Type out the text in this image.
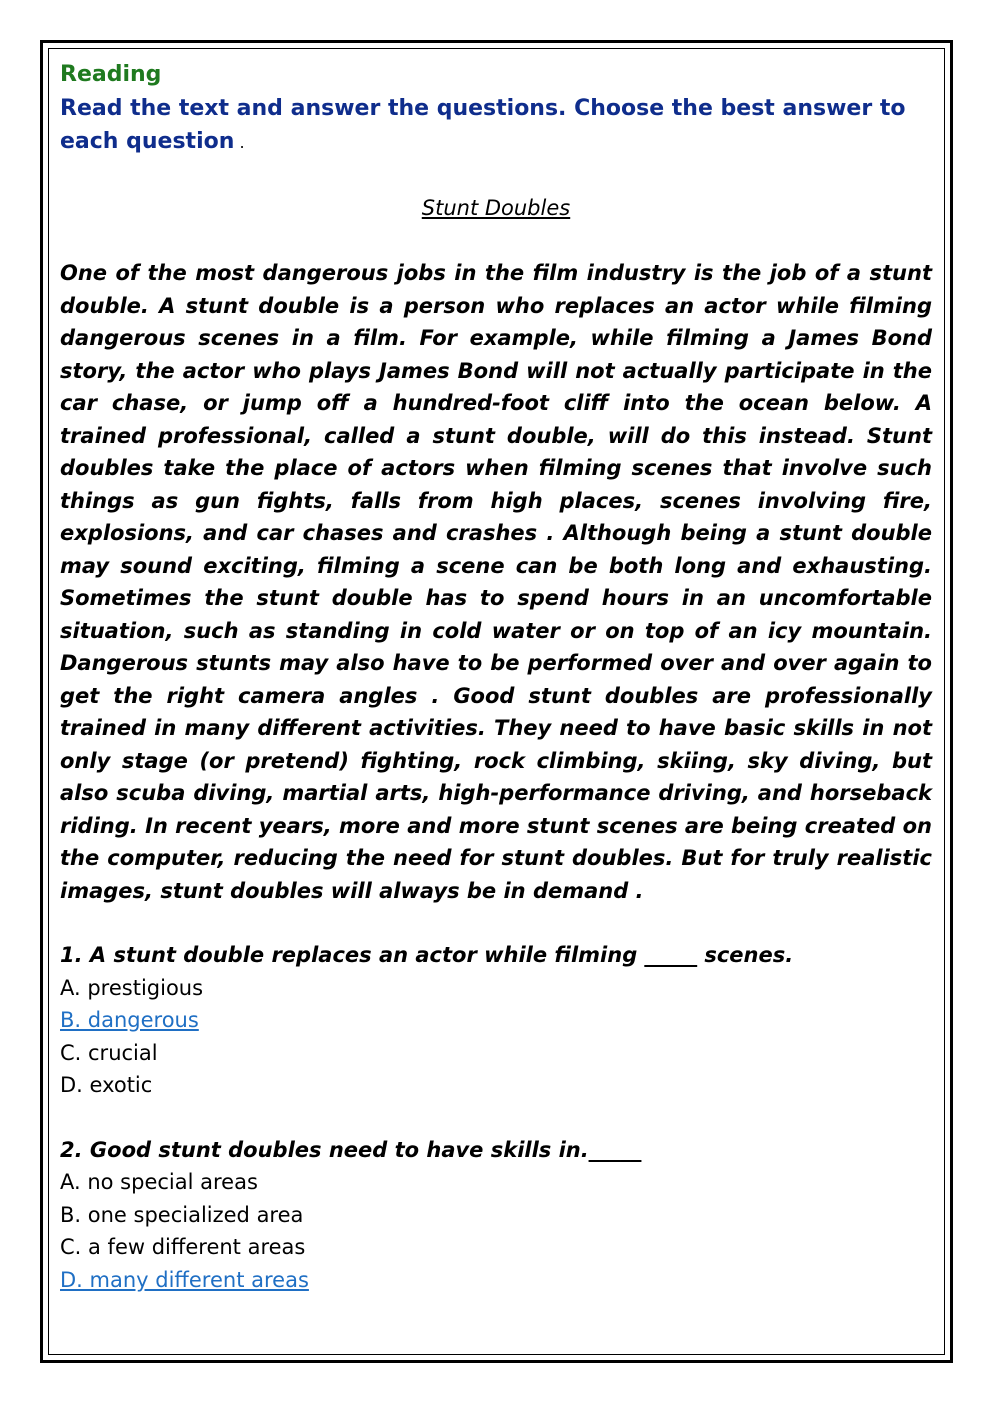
Reading

Read the text and answer the questions. Choose the best answer to each question .

Stunt Doubles

One of the most dangerous jobs in the film industry is the job of a stunt double. A stunt double is a person who replaces an actor while filming dangerous scenes in a film. For example, while filming a James Bond story, the actor who plays James Bond will not actually participate in the car chase, or jump off a hundred-foot cliff into the ocean below. A trained professional, called a stunt double, will do this instead. Stunt doubles take the place of actors when filming scenes that involve such things as gun fights, falls from high places, scenes involving fire, explosions, and car chases and crashes . Although being a stunt double may sound exciting, filming a scene can be both long and exhausting. Sometimes the stunt double has to spend hours in an uncomfortable situation, such as standing in cold water or on top of an icy mountain. Dangerous stunts may also have to be performed over and over again to get the right camera angles . Good stunt doubles are professionally trained in many different activities. They need to have basic skills in not only stage (or pretend) fighting, rock climbing, skiing, sky diving, but also scuba diving, martial arts, high-performance driving, and horseback riding. In recent years, more and more stunt scenes are being created on the computer, reducing the need for stunt doubles. But for truly realistic images, stunt doubles will always be in demand .

1. A stunt double replaces an actor while filming _____ scenes.

A. prestigious

B. dangerous

C. crucial

D. exotic

2. Good stunt doubles need to have skills in._____

A. no special areas

B. one specialized area

C. a few different areas

D. many different areas
